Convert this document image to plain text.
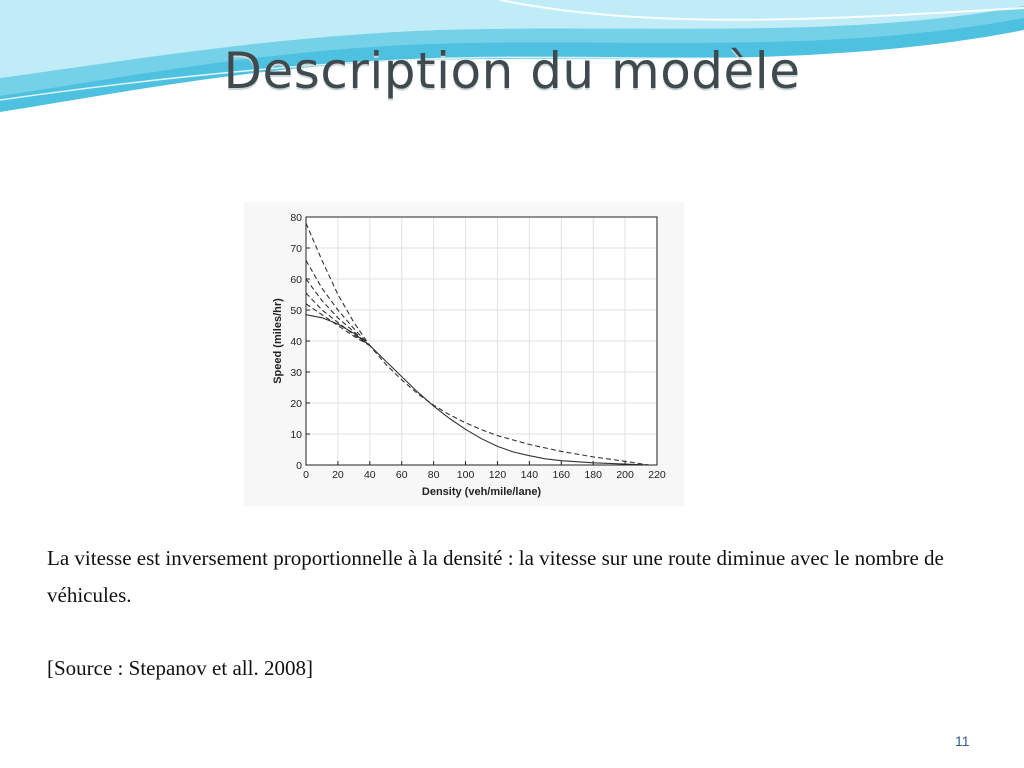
Description du modèle
0 20 40 60 80 100 120 140 160 180 200 220
0
10
20
30
40
50
60
70
80
Density (veh/mile/lane)
Speed (miles/hr)
La vitesse est inversement proportionnelle à la densité : la vitesse sur une route diminue avec le nombre de véhicules.
[Source : Stepanov et all. 2008]
11
